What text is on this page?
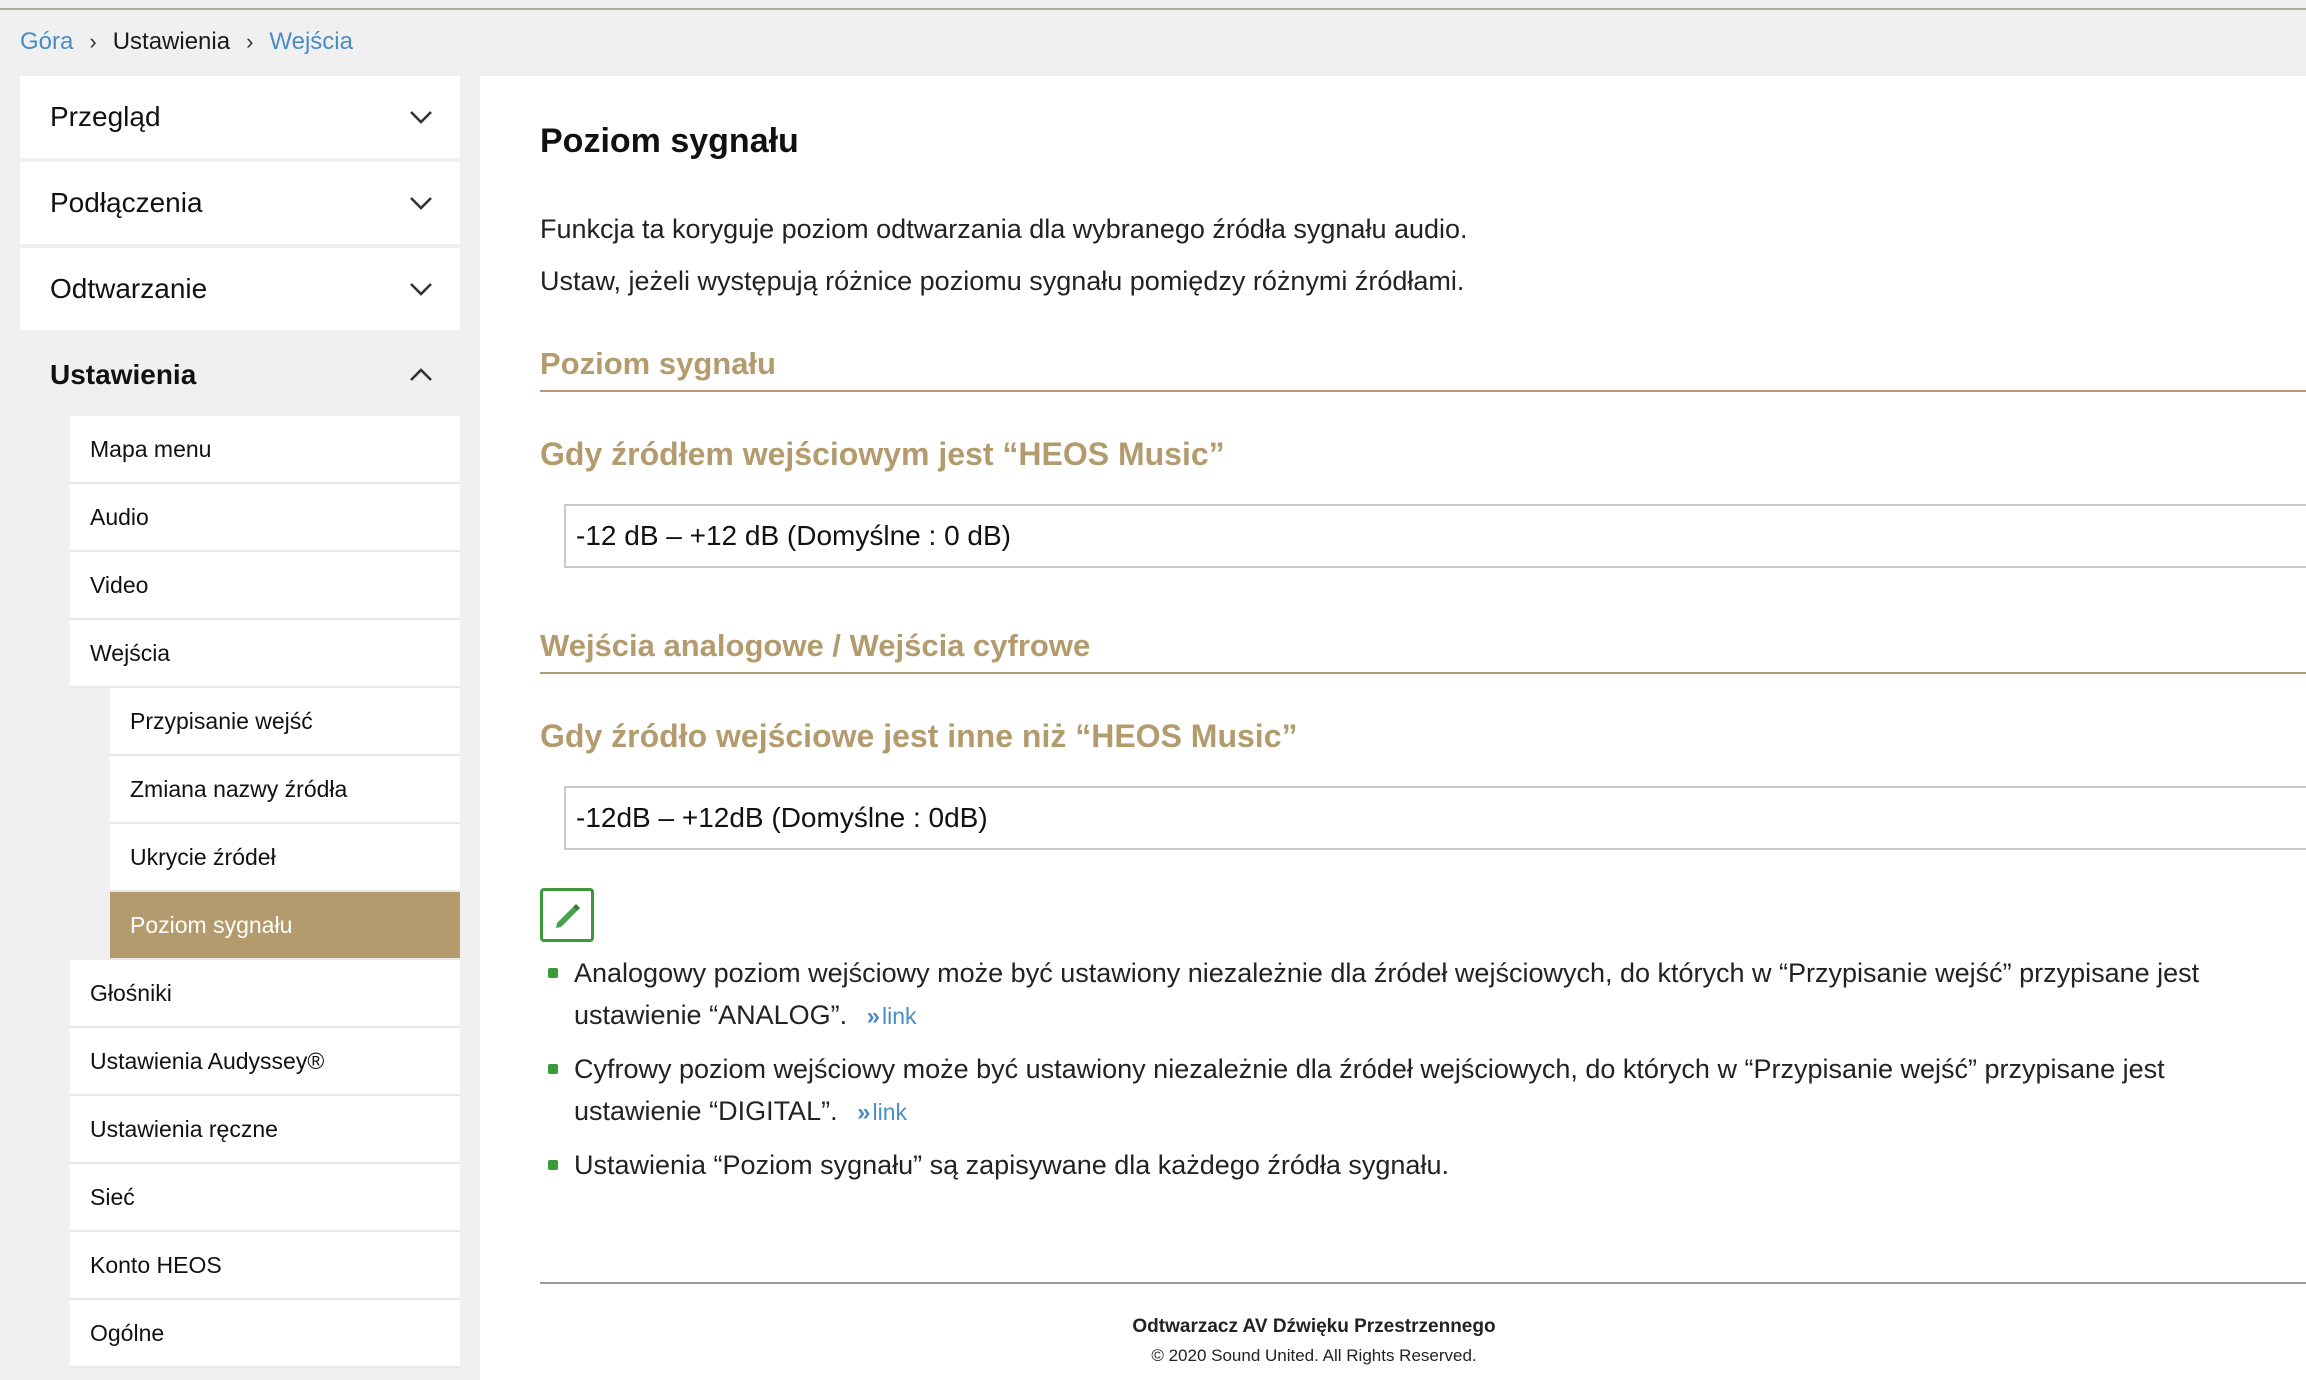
Góra › Ustawienia › Wejścia
Przegląd
Podłączenia
Odtwarzanie
Ustawienia
Mapa menu
Audio
Video
Wejścia
Przypisanie wejść
Zmiana nazwy źródła
Ukrycie źródeł
Poziom sygnału
Głośniki
Ustawienia Audyssey®
Ustawienia ręczne
Sieć
Konto HEOS
Ogólne
Poziom sygnału
Funkcja ta koryguje poziom odtwarzania dla wybranego źródła sygnału audio.
Ustaw, jeżeli występują różnice poziomu sygnału pomiędzy różnymi źródłami.
Poziom sygnału
Gdy źródłem wejściowym jest “HEOS Music”
-12 dB – +12 dB (Domyślne : 0 dB)
Wejścia analogowe / Wejścia cyfrowe
Gdy źródło wejściowe jest inne niż “HEOS Music”
-12dB – +12dB (Domyślne : 0dB)
Analogowy poziom wejściowy może być ustawiony niezależnie dla źródeł wejściowych, do których w “Przypisanie wejść” przypisane jest
ustawienie “ANALOG”. »link
Cyfrowy poziom wejściowy może być ustawiony niezależnie dla źródeł wejściowych, do których w “Przypisanie wejść” przypisane jest
ustawienie “DIGITAL”. »link
Ustawienia “Poziom sygnału” są zapisywane dla każdego źródła sygnału.
Odtwarzacz AV Dźwięku Przestrzennego
© 2020 Sound United. All Rights Reserved.
